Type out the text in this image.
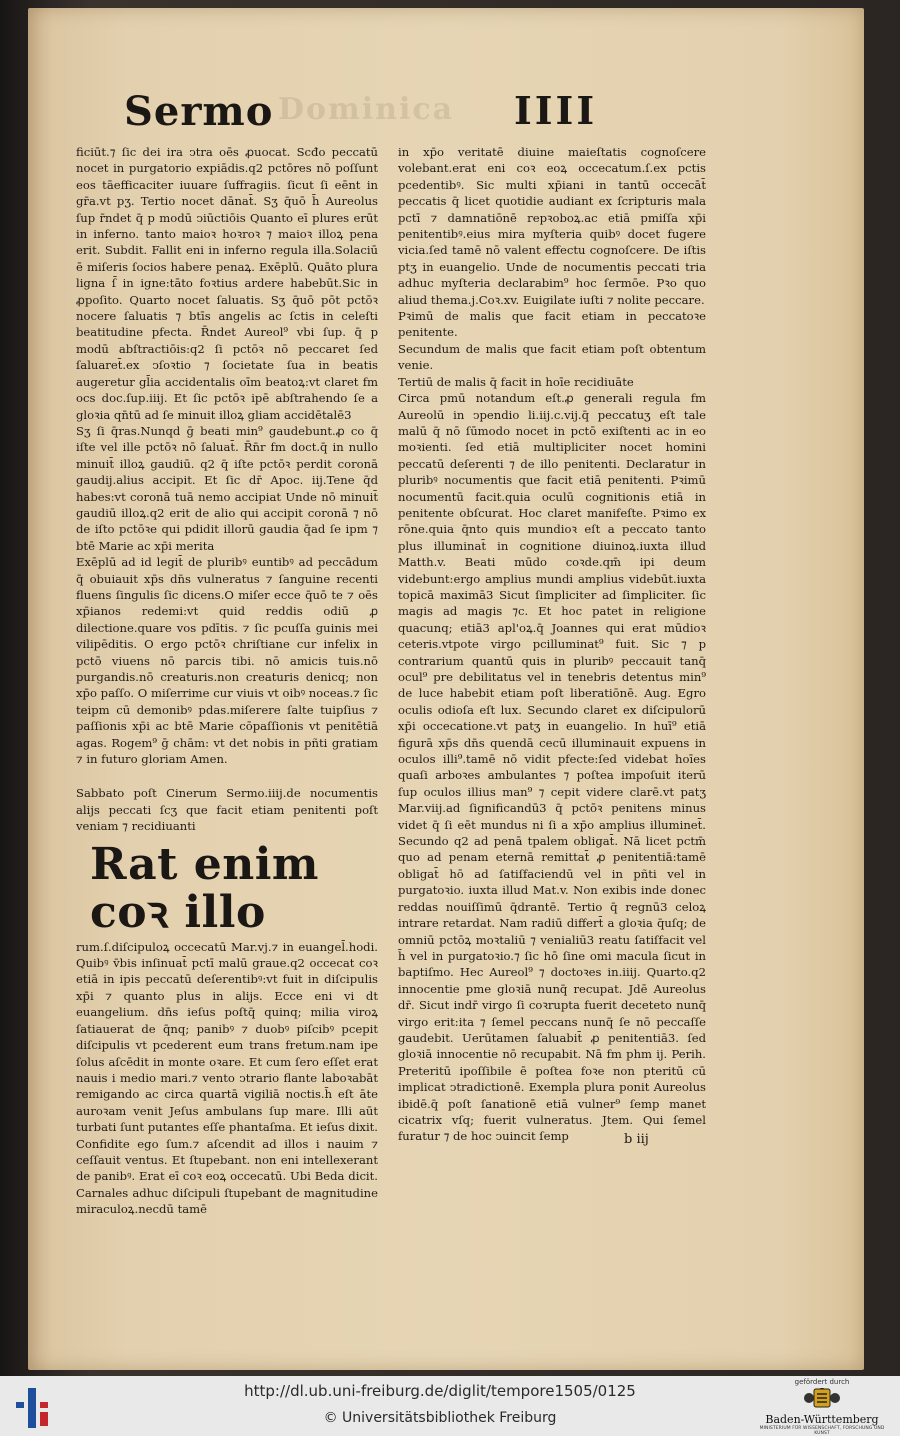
Dominica
Sermo	IIII

ficiūt.⁊ ſic dei ira ↄtra oēs ꝓuocat. Scđo peccatū nocet in purgatorio expiādis.q2 pctōres nō poſſunt eos tāefficaciter iuuare ſuffragiis. ſicut ſi eēnt in gr̄a.vt pʒ. Tertio nocet dānat̄. Sʒ q̄uō h̄ Aureolus ſup r̄ndet q̄ p modū ↄiūctiōis Quanto eī plures erūt in inferno. tanto maioꝛ hoꝛroꝛ ⁊ maioꝛ illoꝝ pena erit. Subdit. Fallit eni in inferno regula illa.Solaciū ē miſeris ſocios habere penaꝝ. Exēplū. Quāto plura ligna ſ̄ in igne:tāto foꝛtius ardere habebūt.Sic in ꝓpoſito. Quarto nocet ſaluatis. Sʒ q̄uō pōt pctōꝛ nocere ſaluatis ⁊ btīs angelis ac ſctis in celeſti beatitudine pfecta. R̄ndet Aureol⁹ vbi ſup. q̄ p modū abſtractiōis:q2 ſi pctōꝛ nō peccaret ſed ſaluaret̄.ex ↄſoꝛtio ⁊ ſocietate ſua in beatis augeretur gl̄ia accidentalis oīm beatoꝝ:vt claret fm ocs doc.ſup.iiij. Et ſic pctōꝛ ipē abſtrahendo ſe a gloꝛia qn̄tū ad ſe minuit illoꝝ gliam accidētalē3

Sʒ ſi q̄ras.Nunqd ḡ beati min⁹ gaudebunt.ꝓ co q̄ iſte vel ille pctōꝛ nō ſaluat̄. R̄n̄r fm doct.q̄ in nullo minuit̄ illoꝝ gaudiū. q2 q̄ iſte pctōꝛ perdit coronā gaudij.alius accipit. Et ſic dr̄ Apoc. iij.Tene q̄d habes:vt coronā tuā nemo accipiat Unde nō minuit̄ gaudiū illoꝝ.q2 erit de alio qui accipit coronā ⁊ nō de iſto pctōꝛe qui pdidit illorū gaudia q̄ad ſe ipm ⁊ btē Marie ac xp̄i merita

Exēplū ad id legit̄ de pluribꝰ euntibꝰ ad peccādum q̄ obuiauit xp̄s dn̄s vulneratus ⁊ ſanguine recenti fluens ſingulis ſic dicens.O miſer ecce q̄uō te ⁊ oēs xp̄ianos redemi:vt quid reddis odiū ꝓ dilectione.quare vos pdītis. ⁊ ſic pcuſſa guinis mei vilipēditis. O ergo pctōꝛ chriſtiane cur infelix in pctō viuens nō parcis tibi. nō amicis tuis.nō purgandis.nō creaturis.non creaturis denicq; non xp̄o paſſo. O miſerrime cur viuis vt oibꝰ noceas.⁊ ſic teipm cū demonibꝰ pdas.miſerere ſalte tuipſius ⁊ paſſionis xp̄i ac btē Marie cōpaſſionis vt penitētiā agas. Rogem⁹ ḡ chām: vt det nobis in pñti gratiam ⁊ in futuro gloriam Amen.

Sabbato poſt Cinerum Sermo.iiij.de nocumentis alijs peccati ſcʒ que facit etiam penitenti poſt veniam ⁊ recidiuanti

Rat enim coꝛ illo

rum.ſ.diſcipuloꝝ occecatū Mar.vj.⁊ in euangel̄.hodi. Quibꝰ v̄bis inſinuat̄ pctī malū graue.q2 occecat coꝛ etiā in ipis peccatū deſerentibꝰ:vt fuit in diſcipulis xp̄i ⁊ quanto plus in alijs. Ecce eni vi dt euangelium. dn̄s ieſus poſtq̄ quinq; milia viroꝝ ſatiauerat de q̄nq; panibꝰ ⁊ duobꝰ piſcibꝰ pcepit diſcipulis vt pcederent eum trans fretum.nam ipe ſolus aſcēdit in monte oꝛare. Et cum ſero eſſet erat nauis i medio mari.⁊ vento ↄtrario flante laboꝛabāt remigando ac circa quartā vigiliā noctis.h̄ eſt āte auroꝛam venit Jeſus ambulans ſup mare. Illi aūt turbati ſunt putantes eſſe phantaſma. Et ieſus dixit. Confidite ego ſum.⁊ aſcendit ad illos i nauim ⁊ ceſſauit ventus. Et ſtupebant. non eni intellexerant de panibꝰ. Erat eī coꝛ eoꝝ occecatū. Ubi Beda dicit. Carnales adhuc diſcipuli ſtupebant de magnitudine miraculoꝝ.necdū tamē

in xp̄o veritatē diuine maieſtatis cognoſcere volebant.erat eni coꝛ eoꝝ occecatum.ſ.ex pctis pcedentibꝰ. Sic multi xp̄iani in tantū occecāt̄ peccatis q̄ licet quotidie audiant ex ſcripturis mala pctī ⁊ damnatiōnē repꝛoboꝝ.ac etiā pmiſſa xp̄i penitentibꝰ.eius mira myſteria quibꝰ docet fugere vicia.ſed tamē nō valent effectu cognoſcere. De iſtis ptʒ in euangelio. Unde de nocumentis peccati tria adhuc myſteria declarabim⁹ hoc ſermōe. Pꝛo quo aliud thema.j.Coꝛ.xv. Euigilate iuſti ⁊ nolite peccare.

Pꝛimū de malis que facit etiam in peccatoꝛe penitente.

Secundum de malis que facit etiam poſt obtentum venie.

Tertiū de malis q̄ facit in hoīe recidiuāte

Circa pmū notandum eſt.ꝓ generali regula fm Aureolū in ↄpendio li.iij.c.vij.q̄ peccatuʒ eſt tale malū q̄ nō ſūmodo nocet in pctō exiſtenti ac in eo moꝛienti. ſed etiā multipliciter nocet homini peccatū deſerenti ⁊ de illo penitenti. Declaratur in pluribꝰ nocumentis que facit etiā penitenti. Pꝛimū nocumentū facit.quia oculū cognitionis etiā in penitente obſcurat. Hoc claret manifeſte. Pꝛimo ex rōne.quia q̄nto quis mundioꝛ eſt a peccato tanto plus illuminat̄ in cognitione diuinoꝝ.iuxta illud Matth.v. Beati mūdo coꝛde.qm̄ ipi deum videbunt:ergo amplius mundi amplius videbūt.iuxta topicā maximā3 Sicut ſimpliciter ad ſimpliciter. ſic magis ad magis ⁊c. Et hoc patet in religione quacunq; etiā3 apl'oꝝ.q̄ Joannes qui erat mūdioꝛ ceteris.vtpote virgo pcilluminat⁹ fuit. Sic ⁊ p contrarium quantū quis in pluribꝰ peccauit tanq̄ ocul⁹ pre debilitatus vel in tenebris detentus min⁹ de luce habebit etiam poſt liberatiōnē. Aug. Egro oculis odioſa eſt lux. Secundo claret ex diſcipulorū xp̄i occecatione.vt patʒ in euangelio. In huī⁹ etiā figurā xp̄s dn̄s quendā cecū illuminauit expuens in oculos illi⁹.tamē nō vidit pfecte:ſed videbat hoīes quaſi arboꝛes ambulantes ⁊ poſtea impoſuit iterū ſup oculos illius man⁹ ⁊ cepit videre clarē.vt patʒ Mar.viij.ad ſignificandū3 q̄ pctōꝛ penitens minus videt q̄ ſi eēt mundus ni ſi a xp̄o amplius illuminet̄. Secundo q2 ad penā tpalem obligat̄. Nā licet pctm̄ quo ad penam eternā remittat̄ ꝓ penitentiā:tamē obligat̄ hō ad ſatiſfaciendū vel in pñti vel in purgatoꝛio. iuxta illud Mat.v. Non exibis inde donec reddas nouiſſimū q̄drantē. Tertio q̄ regnū3 celoꝝ intrare retardat. Nam radiū differt̄ a gloꝛia q̄uſq; de omniū pctōꝝ moꝛtaliū ⁊ venialiū3 reatu ſatiſfacit vel h̄ vel in purgatoꝛio.⁊ ſic hō ſine omi macula ſicut in baptiſmo. Hec Aureol⁹ ⁊ doctoꝛes in.iiij. Quarto.q2 innocentie pme gloꝛiā nunq̄ recupat. Jdē Aureolus dr̄. Sicut indr̄ virgo ſi coꝛrupta fuerit deceteto nunq̄ virgo erit:ita ⁊ ſemel peccans nunq̄ ſe nō peccaſſe gaudebit. Uerūtamen ſaluabit̄ ꝓ penitentiā3. ſed gloꝛiā innocentie nō recupabit. Nā fm phm ij. Perih. Preteritū ipoſſibile ē poſtea foꝛe non pteritū cū implicat ↄtradictionē. Exempla plura ponit Aureolus ibidē.q̄ poſt ſanationē etiā vulner⁹ ſemp manet cicatrix vſq; fuerit vulneratus. Jtem. Qui ſemel furatur ⁊ de hoc ↄuincit ſemp	b iij
http://dl.ub.uni-freiburg.de/diglit/tempore1505/0125
© Universitätsbibliothek Freiburg
gefördert durch
Baden-Württemberg
MINISTERIUM FÜR WISSENSCHAFT, FORSCHUNG UND KUNST
